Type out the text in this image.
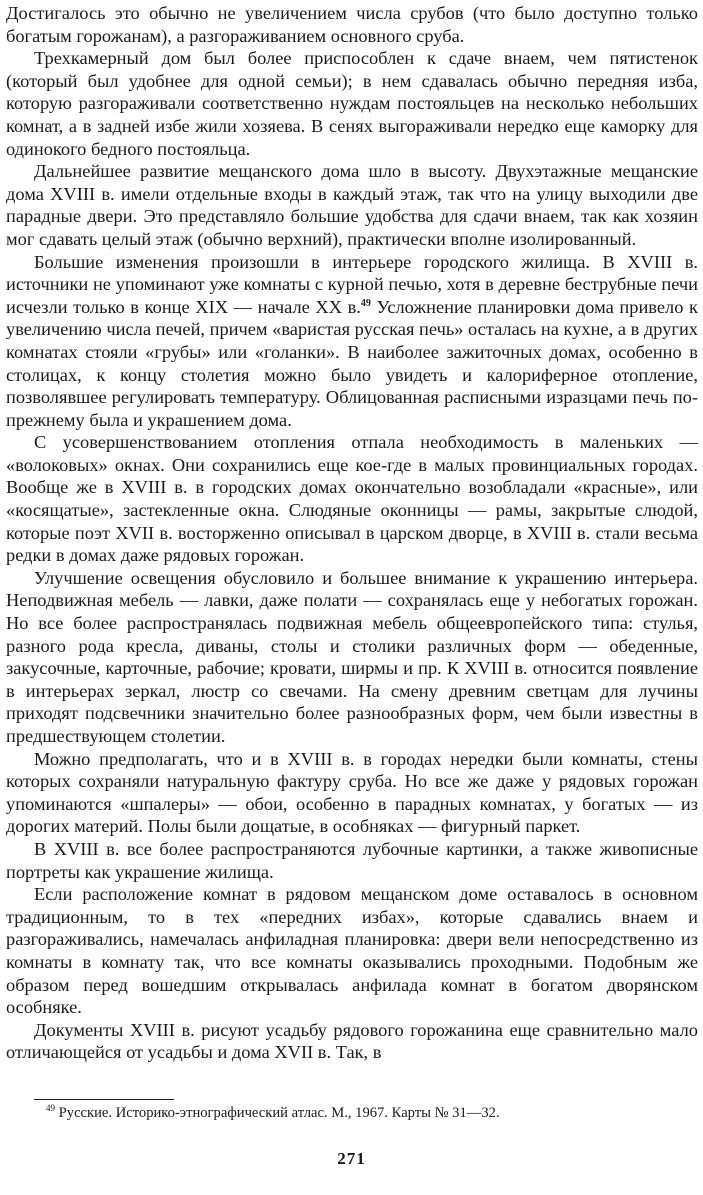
Достигалось это обычно не увеличением числа срубов (что было доступно только богатым горожанам), а разгораживанием основного сруба.

Трехкамерный дом был более приспособлен к сдаче внаем, чем пятистенок (который был удобнее для одной семьи); в нем сдавалась обычно передняя изба, которую разгораживали соответственно нуждам постояльцев на несколько небольших комнат, а в задней избе жили хозяева. В сенях выгораживали нередко еще каморку для одинокого бедного постояльца.

Дальнейшее развитие мещанского дома шло в высоту. Двухэтажные мещанские дома XVIII в. имели отдельные входы в каждый этаж, так что на улицу выходили две парадные двери. Это представляло большие удобства для сдачи внаем, так как хозяин мог сдавать целый этаж (обычно верхний), практически вполне изолированный.

Большие изменения произошли в интерьере городского жилища. В XVIII в. источники не упоминают уже комнаты с курной печью, хотя в деревне беструбные печи исчезли только в конце XIX — начале XX в.$^{49}$ Усложнение планировки дома привело к увеличению числа печей, причем «варистая русская печь» осталась на кухне, а в других комнатах стояли «грубы» или «голанки». В наиболее зажиточных домах, особенно в столицах, к концу столетия можно было увидеть и калориферное отопление, позволявшее регулировать температуру. Облицованная расписными изразцами печь по-прежнему была и украшением дома.

С усовершенствованием отопления отпала необходимость в маленьких — «волоковых» окнах. Они сохранились еще кое-где в малых провинциальных городах. Вообще же в XVIII в. в городских домах окончательно возобладали «красные», или «косящатые», застекленные окна. Слюдяные оконницы — рамы, закрытые слюдой, которые поэт XVII в. восторженно описывал в царском дворце, в XVIII в. стали весьма редки в домах даже рядовых горожан.

Улучшение освещения обусловило и большее внимание к украшению интерьера. Неподвижная мебель — лавки, даже полати — сохранялась еще у небогатых горожан. Но все более распространялась подвижная мебель общеевропейского типа: стулья, разного рода кресла, диваны, столы и столики различных форм — обеденные, закусочные, карточные, рабочие; кровати, ширмы и пр. К XVIII в. относится появление в интерьерах зеркал, люстр со свечами. На смену древним светцам для лучины приходят подсвечники значительно более разнообразных форм, чем были известны в предшествующем столетии.

Можно предполагать, что и в XVIII в. в городах нередки были комнаты, стены которых сохраняли натуральную фактуру сруба. Но все же даже у рядовых горожан упоминаются «шпалеры» — обои, особенно в парадных комнатах, у богатых — из дорогих материй. Полы были дощатые, в особняках — фигурный паркет.

В XVIII в. все более распространяются лубочные картинки, а также живописные портреты как украшение жилища.

Если расположение комнат в рядовом мещанском доме оставалось в основном традиционным, то в тех «передних избах», которые сдавались внаем и разгораживались, намечалась анфиладная планировка: двери вели непосредственно из комнаты в комнату так, что все комнаты оказывались проходными. Подобным же образом перед вошедшим открывалась анфилада комнат в богатом дворянском особняке.

Документы XVIII в. рисуют усадьбу рядового горожанина еще сравнительно мало отличающейся от усадьбы и дома XVII в. Так, в

$^{49}$ Русские. Историко-этнографический атлас. М., 1967. Карты № 31—32.
271
